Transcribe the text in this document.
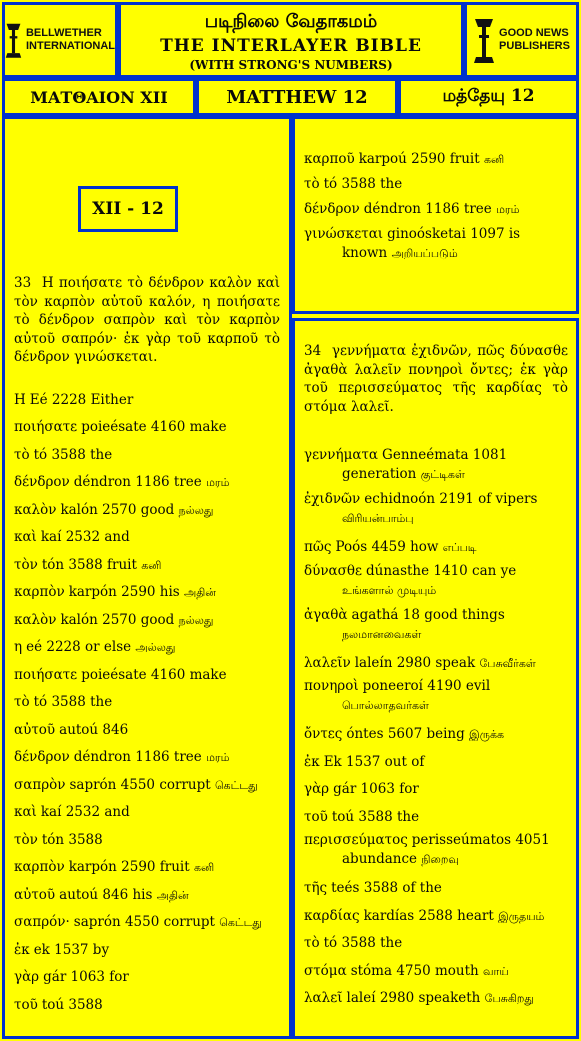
BELLWETHER
INTERNATIONAL
படிநிலை வேதாகமம்
THE INTERLAYER BIBLE
(WITH STRONG'S NUMBERS)
GOOD NEWS
PUBLISHERS
ΜΑΤΘΑΙΟΝ XII	MATTHEW 12	மத்தேயு 12
XII - 12
33 Η ποιήσατε τὸ δένδρον καλὸν καὶ τὸν καρπὸν αὐτοῦ καλόν, η ποιήσατε τὸ δένδρον σαπρὸν καὶ τὸν καρπὸν αὐτοῦ σαπρόν· ἐκ γὰρ τοῦ καρποῦ τὸ δένδρον γινώσκεται.
Η Eé 2228 Either
ποιήσατε poieésate 4160 make
τὸ tó 3588 the
δένδρον déndron 1186 tree மரம்
καλὸν kalón 2570 good நல்லது
καὶ kaí 2532 and
τὸν tón 3588 fruit கனி
καρπὸν karpón 2590 his அதின்
καλὸν kalón 2570 good நல்லது
η eé 2228 or else அல்லது
ποιήσατε poieésate 4160 make
τὸ tó 3588 the
αὐτοῦ autoú 846
δένδρον déndron 1186 tree மரம்
σαπρὸν saprón 4550 corrupt கெட்டது
καὶ kaí 2532 and
τὸν tón 3588
καρπὸν karpón 2590 fruit கனி
αὐτοῦ autoú 846 his அதின்
σαπρόν· saprón 4550 corrupt கெட்டது
ἐκ ek 1537 by
γὰρ gár 1063 for
τοῦ toú 3588
καρποῦ karpoú 2590 fruit கனி
τὸ tó 3588 the
δένδρον déndron 1186 tree மரம்
γινώσκεται ginoósketai 1097 is
known அறியப்படும்
34 γεννήματα ἐχιδνῶν, πῶς δύνασθε ἀγαθὰ λαλεῖν πονηροὶ ὄντες; ἐκ γὰρ τοῦ περισσεύματος τῆς καρδίας τὸ στόμα λαλεῖ.
γεννήματα Genneémata 1081
generation குட்டிகள்
ἐχιδνῶν echidnoón 2191 of vipers
விரியன்பாம்பு
πῶς Poós 4459 how எப்படி
δύνασθε dúnasthe 1410 can ye
உங்களால் முடியும்
ἀγαθὰ agathá 18 good things
நலமானவைகள்
λαλεῖν laleín 2980 speak பேசுவீர்கள்
πονηροὶ poneeroí 4190 evil
பொல்லாதவர்கள்
ὄντες óntes 5607 being இருக்க
ἐκ Ek 1537 out of
γὰρ gár 1063 for
τοῦ toú 3588 the
περισσεύματος perisseúmatos 4051
abundance நிறைவு
τῆς teés 3588 of the
καρδίας kardías 2588 heart இருதயம்
τὸ tó 3588 the
στόμα stóma 4750 mouth வாய்
λαλεῖ laleí 2980 speaketh பேசுகிறது
